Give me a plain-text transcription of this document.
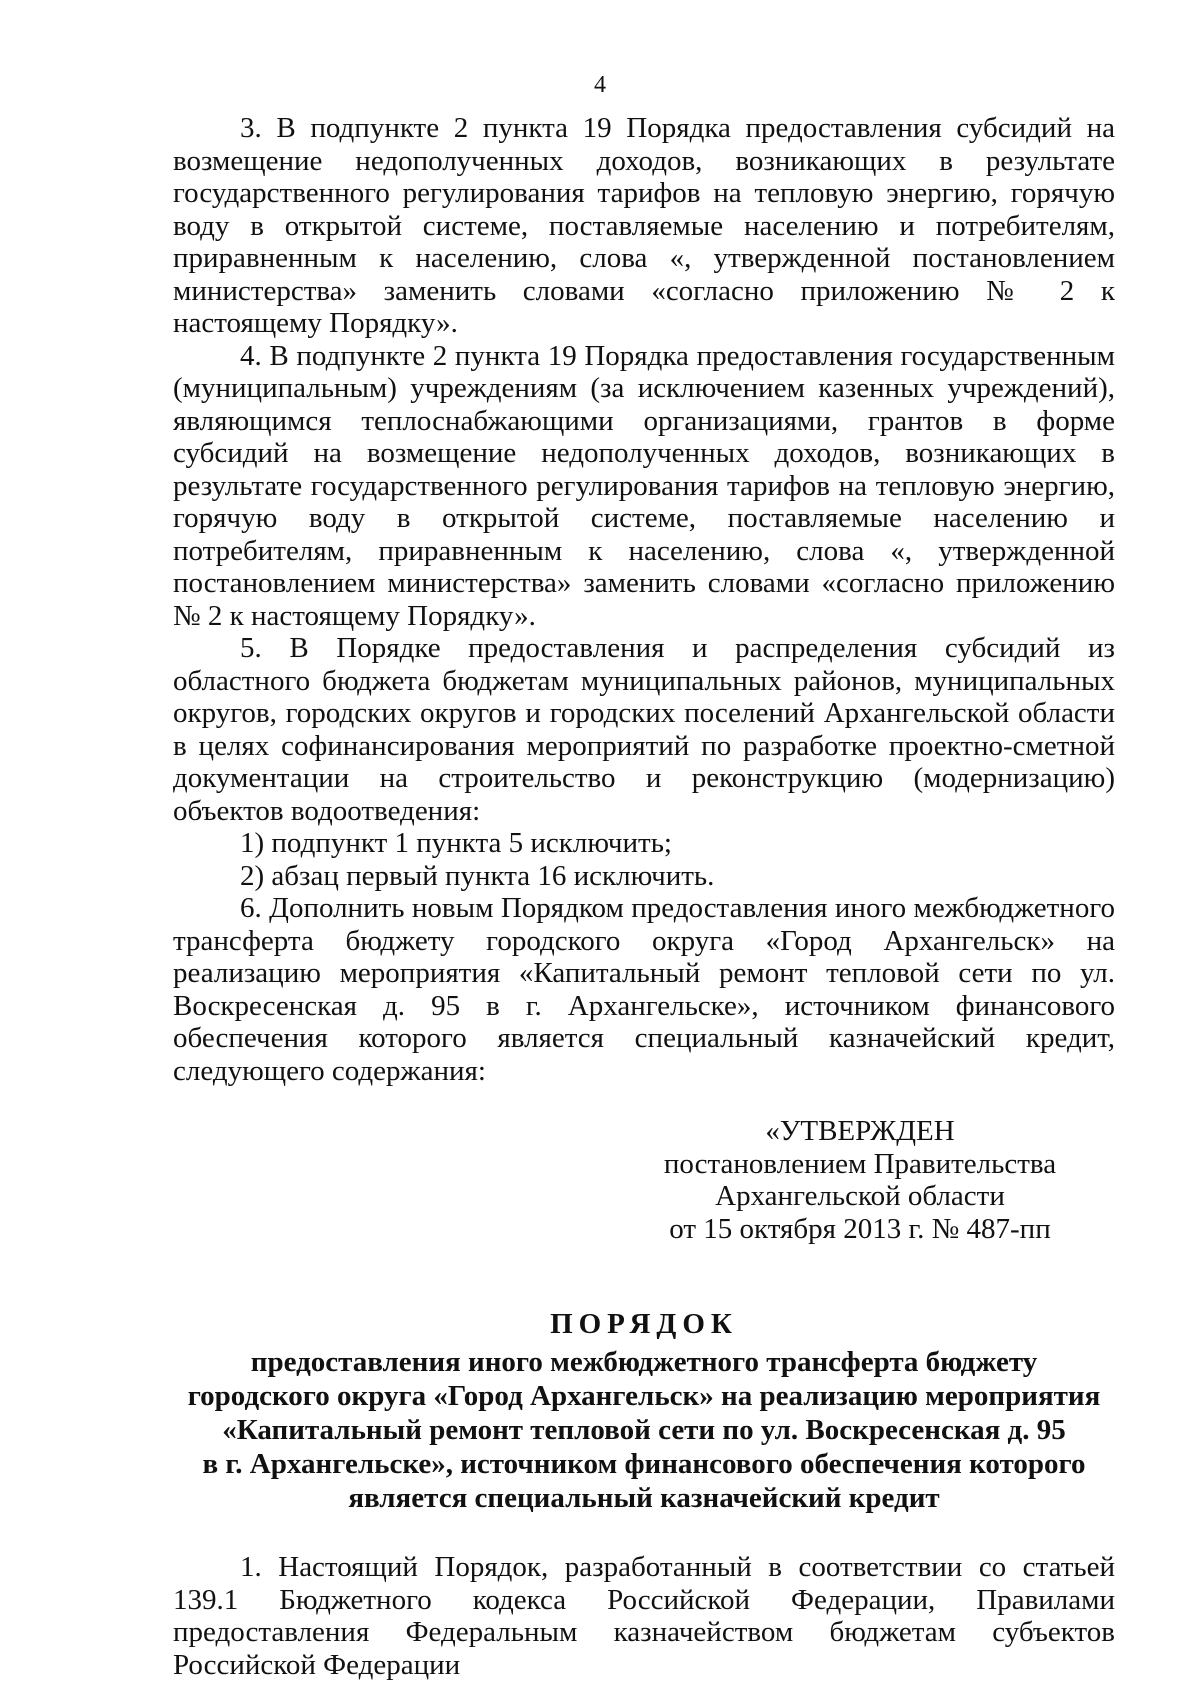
4

3. В подпункте 2 пункта 19 Порядка предоставления субсидий на возмещение недополученных доходов, возникающих в результате государственного регулирования тарифов на тепловую энергию, горячую воду в открытой системе, поставляемые населению и потребителям, приравненным к населению, слова «, утвержденной постановлением министерства» заменить словами «согласно приложению № 2 к настоящему Порядку».

4. В подпункте 2 пункта 19 Порядка предоставления государственным (муниципальным) учреждениям (за исключением казенных учреждений), являющимся теплоснабжающими организациями, грантов в форме субсидий на возмещение недополученных доходов, возникающих в результате государственного регулирования тарифов на тепловую энергию, горячую воду в открытой системе, поставляемые населению и потребителям, приравненным к населению, слова «, утвержденной постановлением министерства» заменить словами «согласно приложению № 2 к настоящему Порядку».

5. В Порядке предоставления и распределения субсидий из областного бюджета бюджетам муниципальных районов, муниципальных округов, городских округов и городских поселений Архангельской области в целях софинансирования мероприятий по разработке проектно-сметной документации на строительство и реконструкцию (модернизацию) объектов водоотведения:

1) подпункт 1 пункта 5 исключить;

2) абзац первый пункта 16 исключить.

6. Дополнить новым Порядком предоставления иного межбюджетного трансферта бюджету городского округа «Город Архангельск» на реализацию мероприятия «Капитальный ремонт тепловой сети по ул. Воскресенская д. 95 в г. Архангельске», источником финансового обеспечения которого является специальный казначейский кредит, следующего содержания:

«УТВЕРЖДЕН
постановлением Правительства
Архангельской области
от 15 октября 2013 г. № 487-пп
ПОРЯДОК
предоставления иного межбюджетного трансферта бюджету
городского округа «Город Архангельск» на реализацию мероприятия
«Капитальный ремонт тепловой сети по ул. Воскресенская д. 95
в г. Архангельске», источником финансового обеспечения которого
является специальный казначейский кредит

1. Настоящий Порядок, разработанный в соответствии со статьей 139.1 Бюджетного кодекса Российской Федерации, Правилами предоставления Федеральным казначейством бюджетам субъектов Российской Федерации
